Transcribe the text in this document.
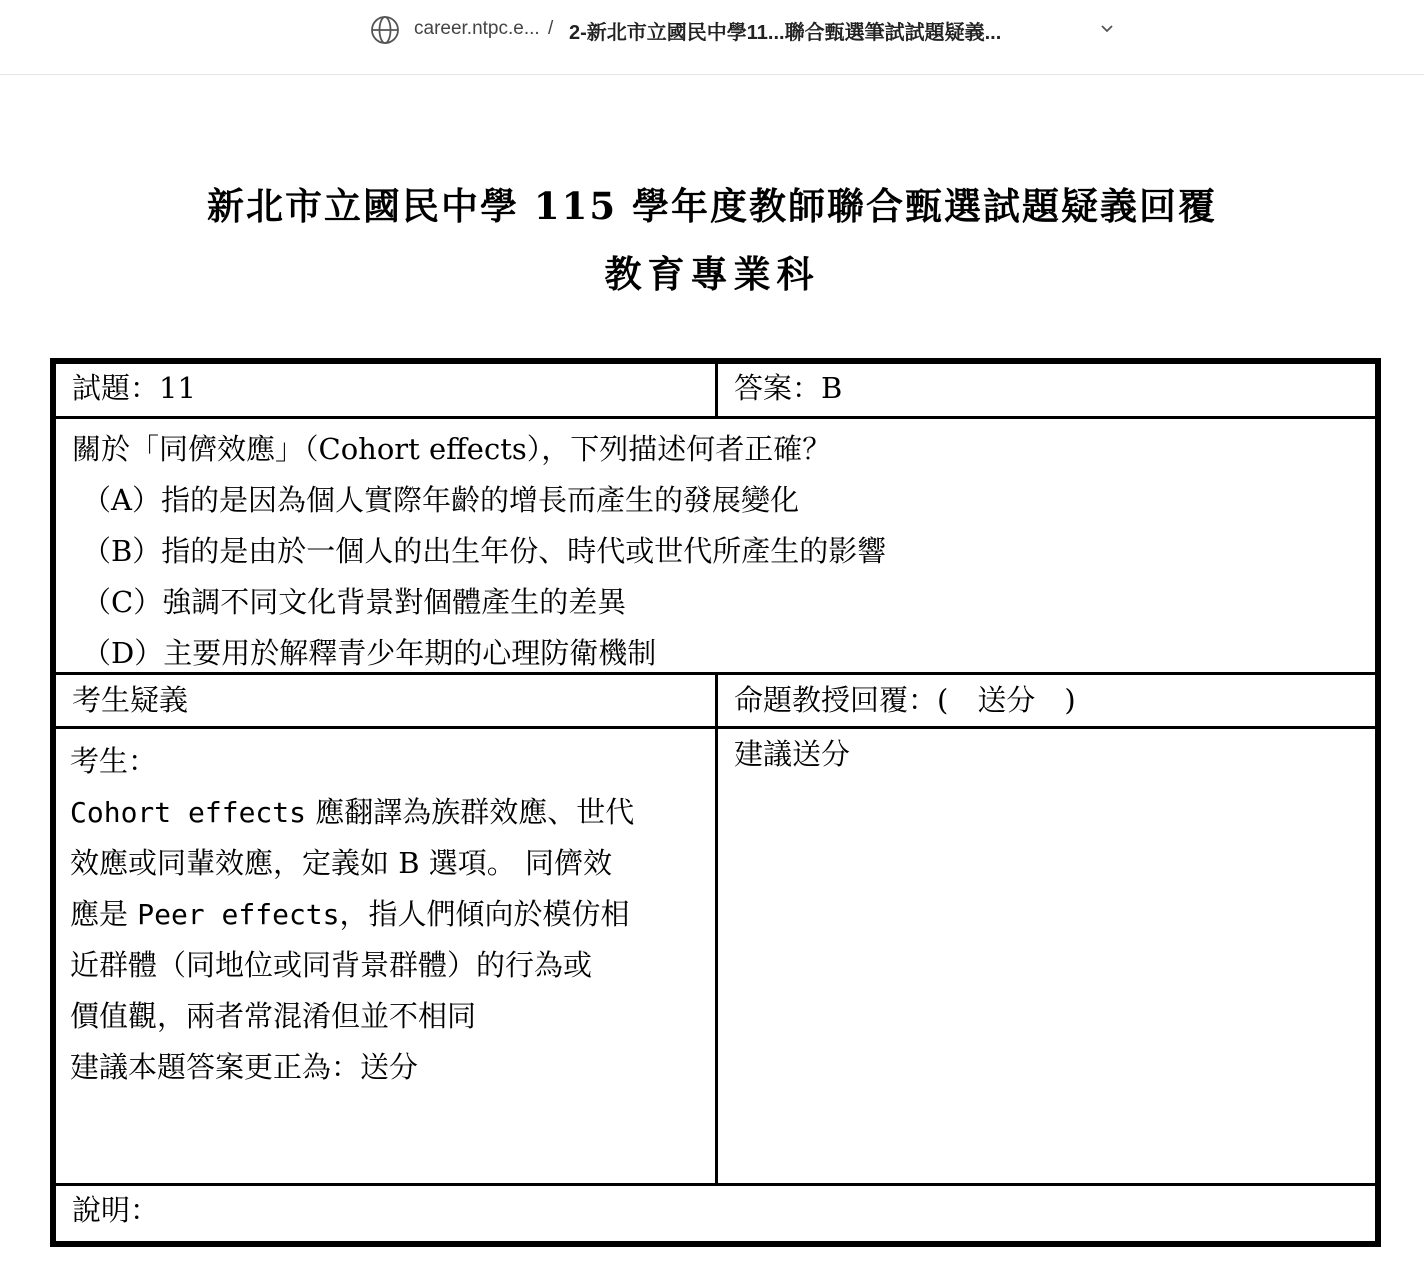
career.ntpc.e... / 2-新北市立國民中學11...聯合甄選筆試試題疑義...
新北市立國民中學 115 學年度教師聯合甄選試題疑義回覆
教育專業科
試題：11	答案：B
關於「同儕效應」（Cohort effects），下列描述何者正確？
（A）指的是因為個人實際年齡的增長而產生的發展變化
（B）指的是由於一個人的出生年份、時代或世代所產生的影響
（C）強調不同文化背景對個體產生的差異
（D）主要用於解釋青少年期的心理防衛機制
考生疑義	命題教授回覆：(　送分　)
考生：
Cohort effects 應翻譯為族群效應、世代
效應或同輩效應，定義如 B 選項。 同儕效
應是 Peer effects，指人們傾向於模仿相
近群體（同地位或同背景群體）的行為或
價值觀，兩者常混淆但並不相同
建議本題答案更正為：送分
建議送分
說明：
